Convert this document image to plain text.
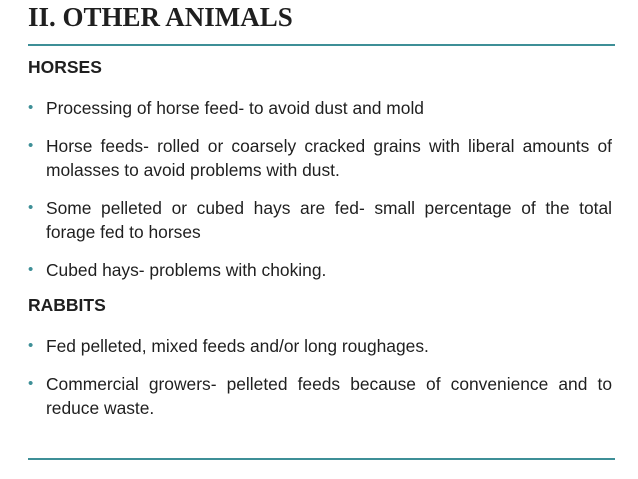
II. OTHER ANIMALS
HORSES
• Processing of horse feed- to avoid dust and mold
• Horse feeds- rolled or coarsely cracked grains with liberal amounts of molasses to avoid problems with dust.
• Some pelleted or cubed hays are fed- small percentage of the total forage fed to horses
• Cubed hays- problems with choking.
RABBITS
• Fed pelleted, mixed feeds and/or long roughages.
• Commercial growers- pelleted feeds because of convenience and to reduce waste.
